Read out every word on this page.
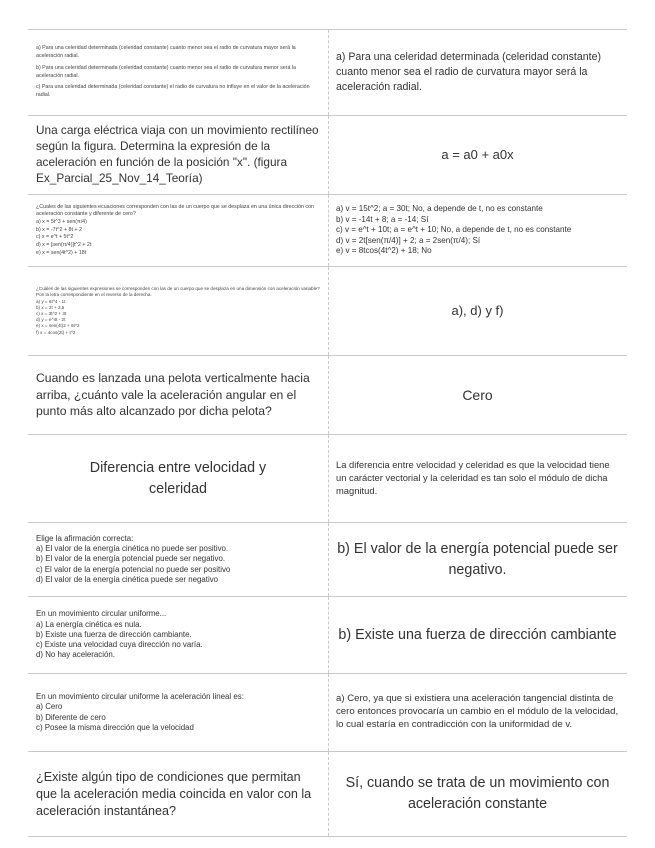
a) Para una celeridad determinada (celeridad constante) cuanto menor sea el radio de curvatura mayor será la aceleración radial.
b) Para una celeridad determinada (celeridad constante) cuanto menor sea el radio de curvatura menor será la aceleración radial.
c) Para una celeridad determinada (celeridad constante) el radio de curvatura no influye en el valor de la aceleración radial.
a) Para una celeridad determinada (celeridad constante) cuanto menor sea el radio de curvatura mayor será la aceleración radial.
Una carga eléctrica viaja con un movimiento rectilíneo según la figura. Determina la expresión de la aceleración en función de la posición "x". (figura Ex_Parcial_25_Nov_14_Teoría)
a = a0 + a0x
¿Cuales de las siguientes ecuaciones corresponden con las de un cuerpo que se desplaza en una única dirección con aceleración constante y diferente de cero?
a) x = 5t^3 + sen(π/4)
b) x = -7t^2 + 8t + 2
c) x = e^t + 5t^2
d) x = [sen(π/4)]t^2 + 2t
e) x = sen(4t^2) + 18t
a) v = 15t^2; a = 30t; No, a depende de t, no es constante
b) v = -14t + 8; a = -14; Sí
c) v = e^t + 10t; a = e^t + 10; No, a depende de t, no es constante
d) v = 2t[sen(π/4)] + 2; a = 2sen(π/4); Sí
e) v = 8tcos(4t^2) + 18; No
¿Cuáles de las siguientes expresiones se corresponden con las de un cuerpo que se desplaza en una dimensión con aceleración variable? Pon la letra correspondiente en el reverso de la derecha.
a) y = 6t^4 - 1t
b) x = 2t + 2.5
c) x = 3t^2 + 3t
d) y = e^4t - 2t
e) x = sen(4t)2 + 6t^2
f) x = 4cos(2t) + t^2
a), d) y f)
Cuando es lanzada una pelota verticalmente hacia arriba, ¿cuánto vale la aceleración angular en el punto más alto alcanzado por dicha pelota?
Cero
Diferencia entre velocidad y celeridad
La diferencia entre velocidad y celeridad es que la velocidad tiene un carácter vectorial y la celeridad es tan solo el módulo de dicha magnitud.
Elige la afirmación correcta:
a) El valor de la energía cinética no puede ser positivo.
b) El valor de la energía potencial puede ser negativo.
c) El valor de la energía potencial no puede ser positivo
d) El valor de la energía cinética puede ser negativo
b) El valor de la energía potencial puede ser negativo.
En un movimiento circular uniforme...
a) La energía cinética es nula.
b) Existe una fuerza de dirección cambiante.
c) Existe una velocidad cuya dirección no varía.
d) No hay aceleración.
b) Existe una fuerza de dirección cambiante
En un movimiento circular uniforme la aceleración lineal es:
a) Cero
b) Diferente de cero
c) Posee la misma dirección que la velocidad
a) Cero, ya que si existiera una aceleración tangencial distinta de cero entonces provocaría un cambio en el módulo de la velocidad, lo cual estaría en contradicción con la uniformidad de v.
¿Existe algún tipo de condiciones que permitan que la aceleración media coincida en valor con la aceleración instantánea?
Sí, cuando se trata de un movimiento con aceleración constante
